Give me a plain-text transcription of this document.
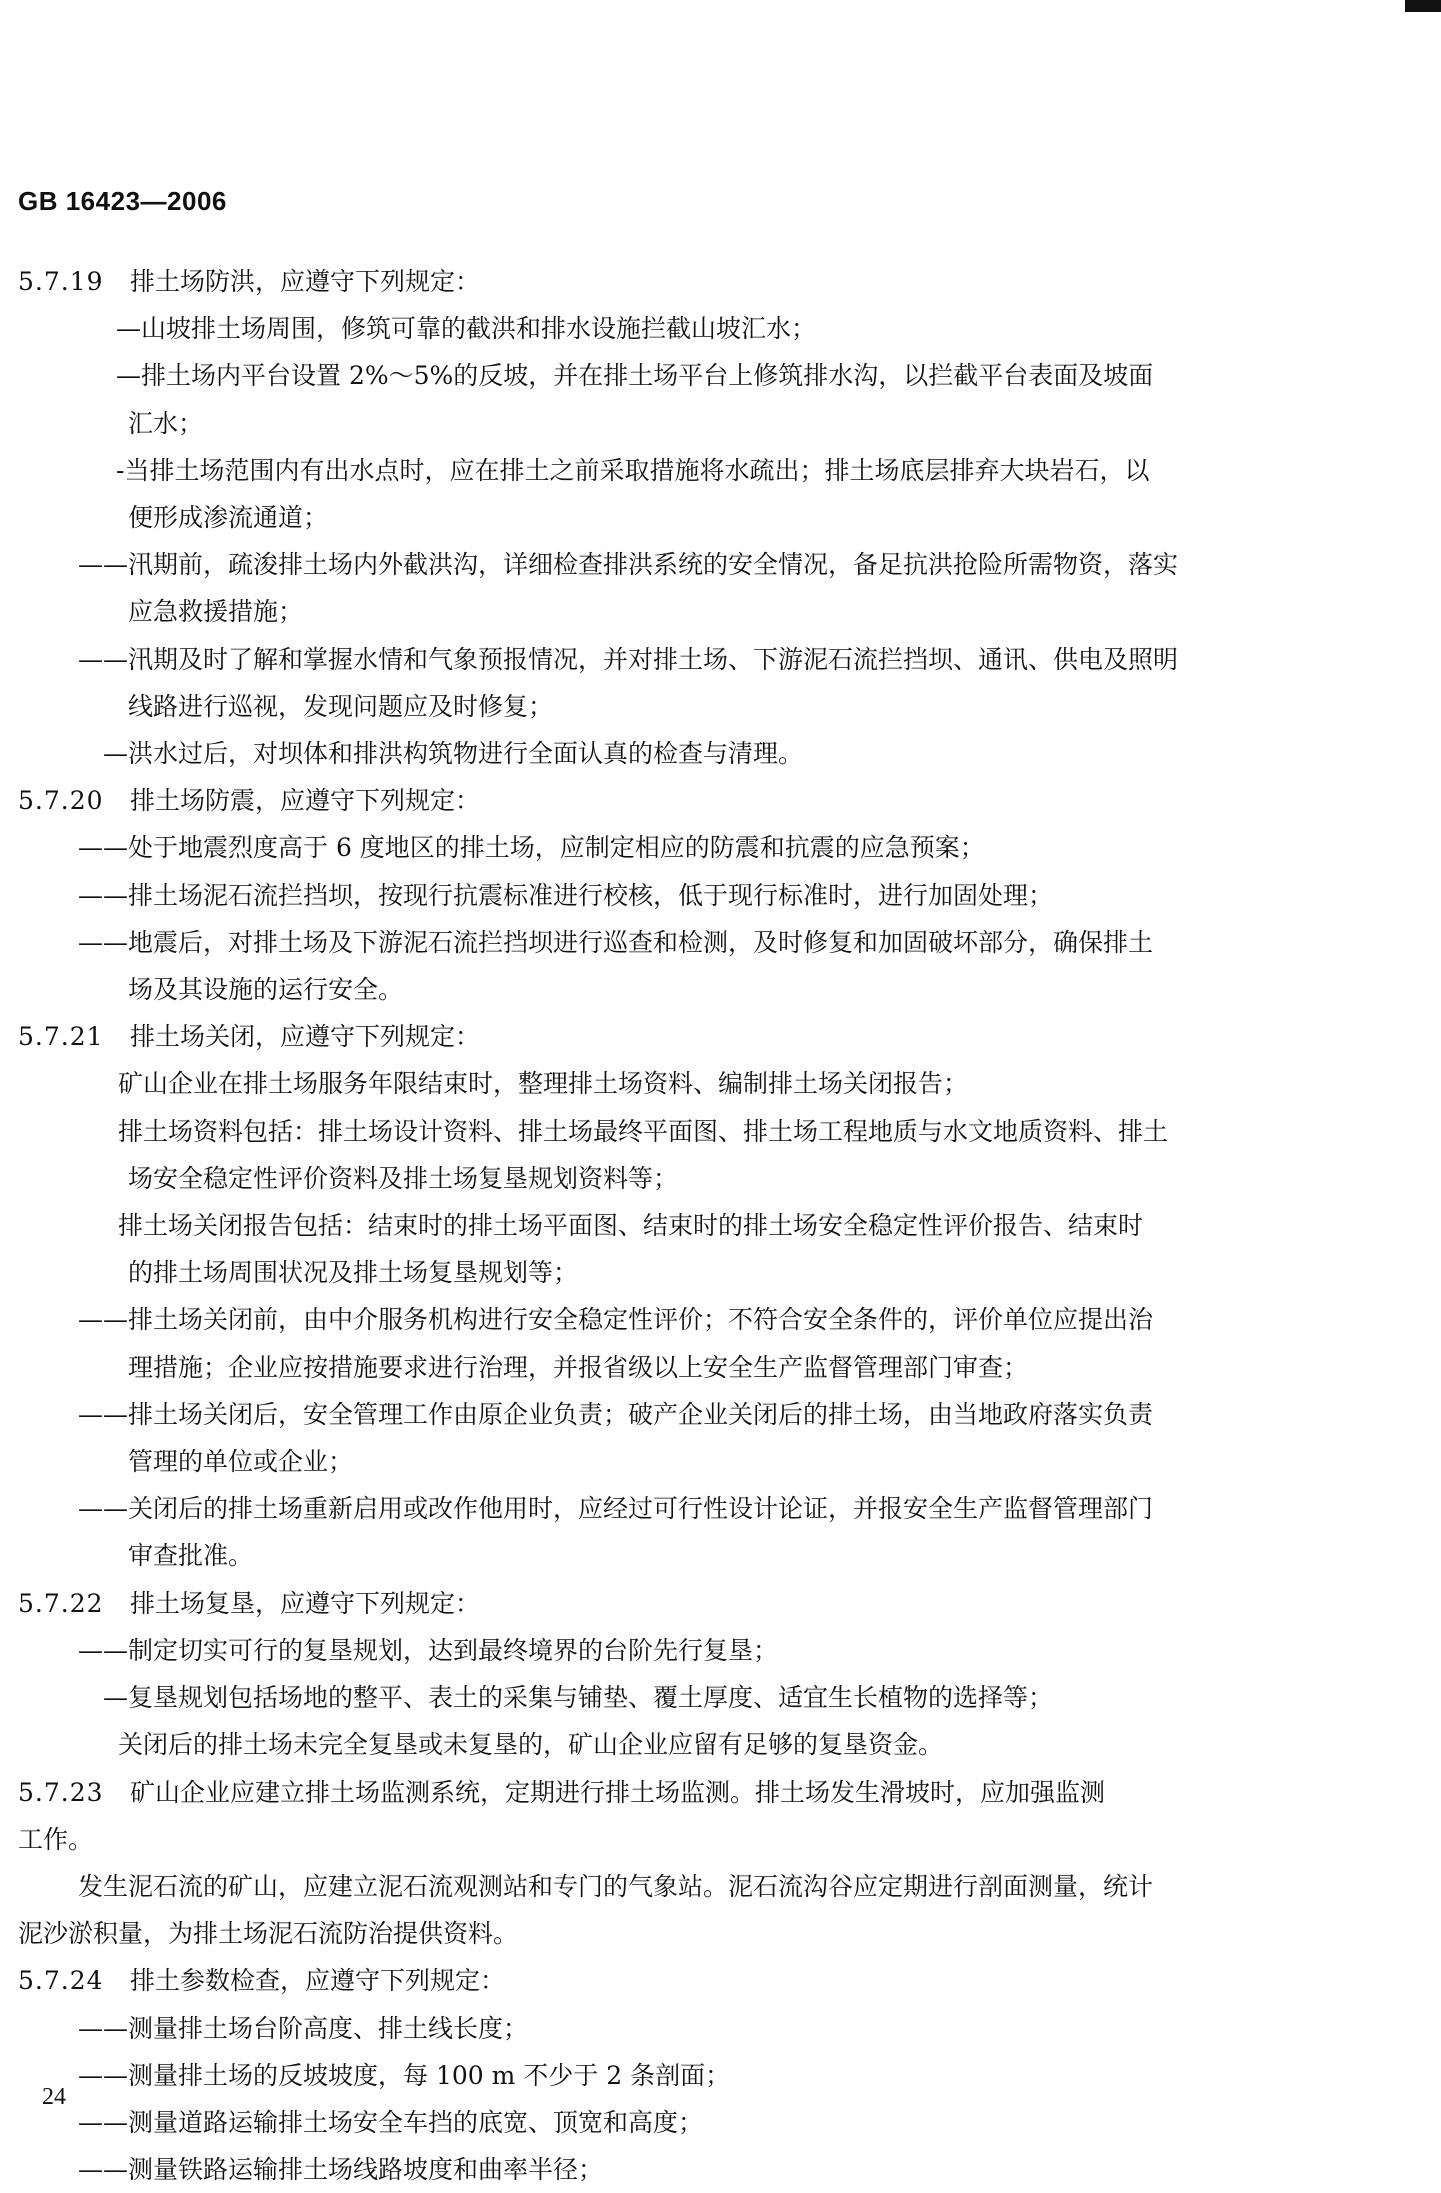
GB 16423—2006
5.7.19 排土场防洪，应遵守下列规定：
—山坡排土场周围，修筑可靠的截洪和排水设施拦截山坡汇水；
—排土场内平台设置 2%～5%的反坡，并在排土场平台上修筑排水沟，以拦截平台表面及坡面
汇水；
-当排土场范围内有出水点时，应在排土之前采取措施将水疏出；排土场底层排弃大块岩石，以
便形成渗流通道；
——汛期前，疏浚排土场内外截洪沟，详细检查排洪系统的安全情况，备足抗洪抢险所需物资，落实
应急救援措施；
——汛期及时了解和掌握水情和气象预报情况，并对排土场、下游泥石流拦挡坝、通讯、供电及照明
线路进行巡视，发现问题应及时修复；
—洪水过后，对坝体和排洪构筑物进行全面认真的检查与清理。
5.7.20 排土场防震，应遵守下列规定：
——处于地震烈度高于 6 度地区的排土场，应制定相应的防震和抗震的应急预案；
——排土场泥石流拦挡坝，按现行抗震标准进行校核，低于现行标准时，进行加固处理；
——地震后，对排土场及下游泥石流拦挡坝进行巡查和检测，及时修复和加固破坏部分，确保排土
场及其设施的运行安全。
5.7.21 排土场关闭，应遵守下列规定：
矿山企业在排土场服务年限结束时，整理排土场资料、编制排土场关闭报告；
排土场资料包括：排土场设计资料、排土场最终平面图、排土场工程地质与水文地质资料、排土
场安全稳定性评价资料及排土场复垦规划资料等；
排土场关闭报告包括：结束时的排土场平面图、结束时的排土场安全稳定性评价报告、结束时
的排土场周围状况及排土场复垦规划等；
——排土场关闭前，由中介服务机构进行安全稳定性评价；不符合安全条件的，评价单位应提出治
理措施；企业应按措施要求进行治理，并报省级以上安全生产监督管理部门审查；
——排土场关闭后，安全管理工作由原企业负责；破产企业关闭后的排土场，由当地政府落实负责
管理的单位或企业；
——关闭后的排土场重新启用或改作他用时，应经过可行性设计论证，并报安全生产监督管理部门
审查批准。
5.7.22 排土场复垦，应遵守下列规定：
——制定切实可行的复垦规划，达到最终境界的台阶先行复垦；
—复垦规划包括场地的整平、表土的采集与铺垫、覆土厚度、适宜生长植物的选择等；
关闭后的排土场未完全复垦或未复垦的，矿山企业应留有足够的复垦资金。
5.7.23 矿山企业应建立排土场监测系统，定期进行排土场监测。排土场发生滑坡时，应加强监测
工作。
发生泥石流的矿山，应建立泥石流观测站和专门的气象站。泥石流沟谷应定期进行剖面测量，统计
泥沙淤积量，为排土场泥石流防治提供资料。
5.7.24 排土参数检查，应遵守下列规定：
——测量排土场台阶高度、排土线长度；
——测量排土场的反坡坡度，每 100 m 不少于 2 条剖面；
——测量道路运输排土场安全车挡的底宽、顶宽和高度；
——测量铁路运输排土场线路坡度和曲率半径；
24
